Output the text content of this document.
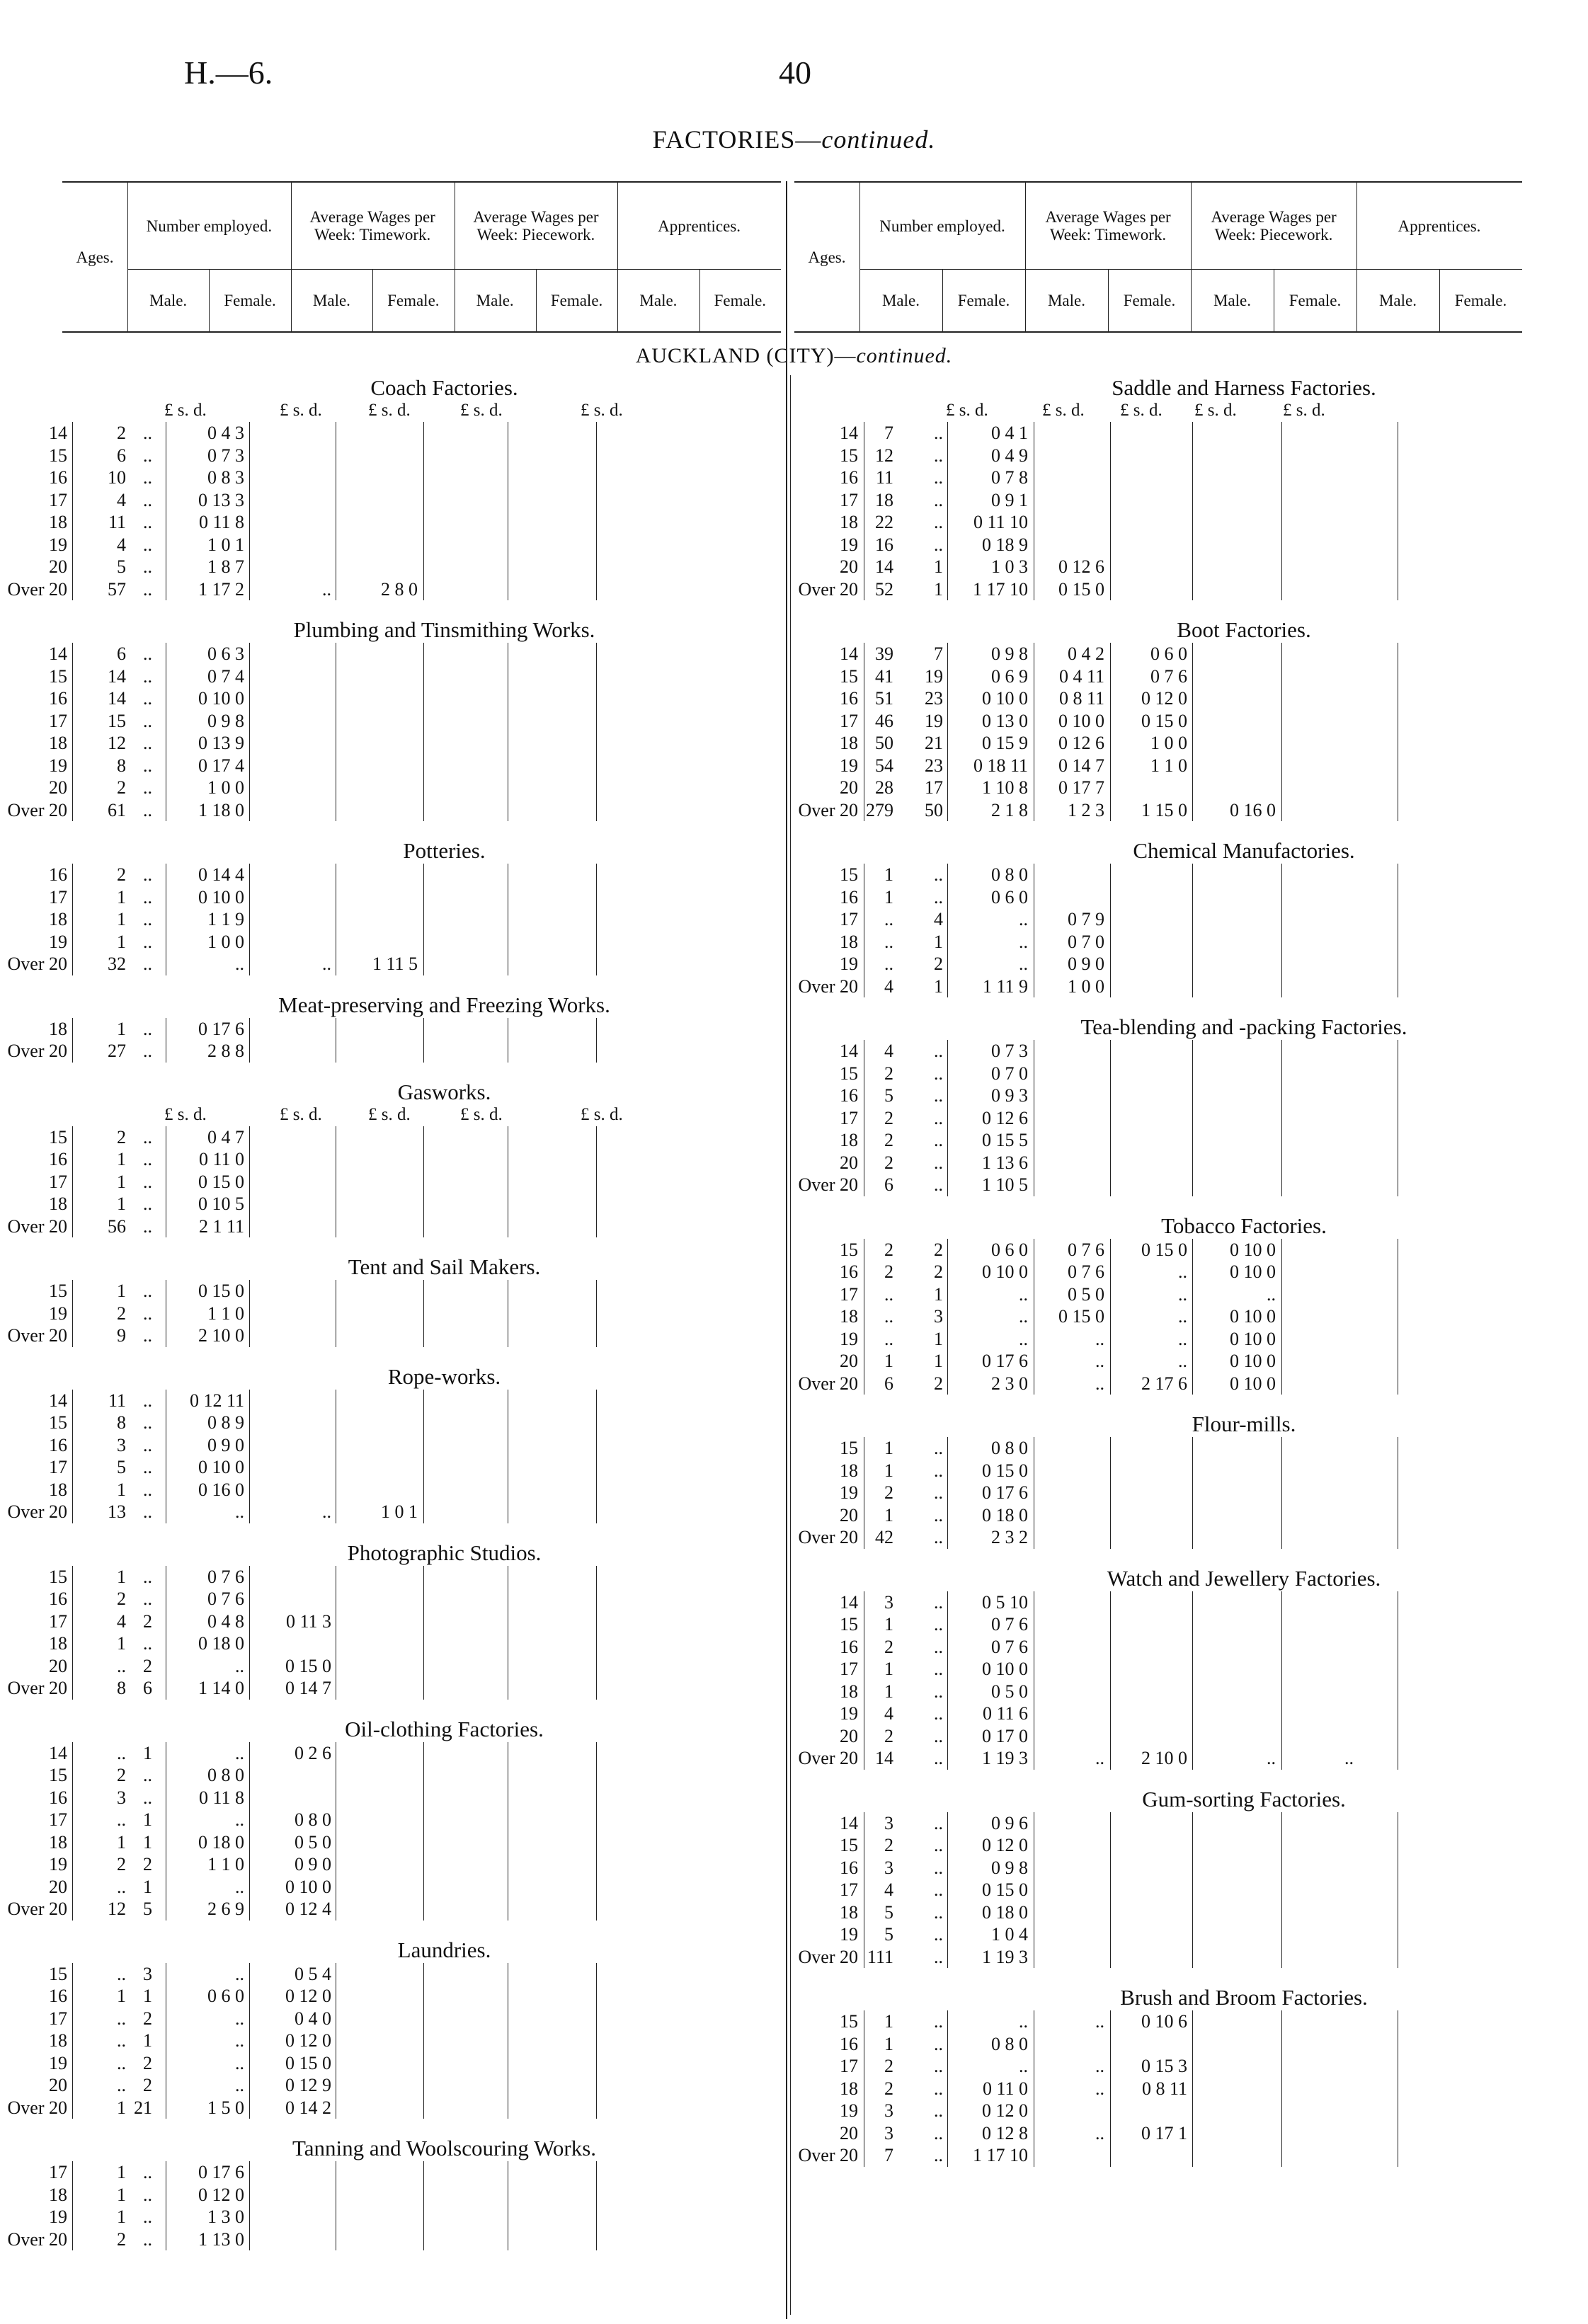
H.—6.	40
FACTORIES—continued.
Ages.
Number employed.
Male.	Female.
Average Wages per Week: Timework.
Male.	Female.
Average Wages per Week: Piecework.
Male.	Female.
Apprentices.
Male.	Female.
Ages.
Number employed.
Male.	Female.
Average Wages per Week: Timework.
Male.	Female.
Average Wages per Week: Piecework.
Male.	Female.
Apprentices.
Male.	Female.
AUCKLAND (CITY)—continued.
Coach Factories.
£ s. d.	£ s. d.	£ s. d.	£ s. d.	£ s. d.
14	2 ..	0 4 3
15	6 ..	0 7 3
16	10 ..	0 8 3
17	4 ..	0 13 3
18	11 ..	0 11 8
19	4 ..	1 0 1
20	5 ..	1 8 7
Over 20	57 ..	1 17 2	..	2 8 0
Plumbing and Tinsmithing Works.
14	6 ..	0 6 3
15	14 ..	0 7 4
16	14 ..	0 10 0
17	15 ..	0 9 8
18	12 ..	0 13 9
19	8 ..	0 17 4
20	2 ..	1 0 0
Over 20	61 ..	1 18 0
Potteries.
16	2 ..	0 14 4
17	1 ..	0 10 0
18	1 ..	1 1 9
19	1 ..	1 0 0
Over 20	32 ..	..	..	1 11 5
Meat-preserving and Freezing Works.
18	1 ..	0 17 6
Over 20	27 ..	2 8 8
Gasworks.
£ s. d.	£ s. d.	£ s. d.	£ s. d.	£ s. d.
15	2 ..	0 4 7
16	1 ..	0 11 0
17	1 ..	0 15 0
18	1 ..	0 10 5
Over 20	56 ..	2 1 11
Tent and Sail Makers.
15	1 ..	0 15 0
19	2 ..	1 1 0
Over 20	9 ..	2 10 0
Rope-works.
14	11 ..	0 12 11
15	8 ..	0 8 9
16	3 ..	0 9 0
17	5 ..	0 10 0
18	1 ..	0 16 0
Over 20	13 ..	..	..	1 0 1
Photographic Studios.
15	1 ..	0 7 6
16	2 ..	0 7 6
17	4 2	0 4 8	0 11 3
18	1 ..	0 18 0
20	.. 2	..	0 15 0
Over 20	8 6	1 14 0	0 14 7
Oil-clothing Factories.
14	.. 1	..	0 2 6
15	2 ..	0 8 0
16	3 ..	0 11 8
17	.. 1	..	0 8 0
18	1 1	0 18 0	0 5 0
19	2 2	1 1 0	0 9 0
20	.. 1	..	0 10 0
Over 20	12 5	2 6 9	0 12 4
Laundries.
15	.. 3	..	0 5 4
16	1 1	0 6 0	0 12 0
17	.. 2	..	0 4 0
18	.. 1	..	0 12 0
19	.. 2	..	0 15 0
20	.. 2	..	0 12 9
Over 20	1 21	1 5 0	0 14 2
Tanning and Woolscouring Works.
17	1 ..	0 17 6
18	1 ..	0 12 0
19	1 ..	1 3 0
Over 20	2 ..	1 13 0
Saddle and Harness Factories.
£ s. d.	£ s. d. £ s. d. £ s. d.	£ s. d.
14	7	..	0 4 1
15 12	..	0 4 9
16 11	..	0 7 8
17 18	..	0 9 1
18 22	..	0 11 10
19 16	..	0 18 9
20 14	1	1 0 3	0 12 6
Over 20 52	1	1 17 10	0 15 0
Boot Factories.
14 39	7	0 9 8	0 4 2	0 6 0
15 41	19	0 6 9	0 4 11	0 7 6
16 51	23	0 10 0	0 8 11	0 12 0
17 46	19	0 13 0	0 10 0	0 15 0
18 50	21	0 15 9	0 12 6	1 0 0
19 54	23	0 18 11	0 14 7	1 1 0
20 28	17	1 10 8	0 17 7
Over 20 279	50	2 1 8	1 2 3	1 15 0	0 16 0
Chemical Manufactories.
15	1	..	0 8 0
16	1	..	0 6 0
17	..	4	..	0 7 9
18	..	1	..	0 7 0
19	..	2	..	0 9 0
Over 20	4	1	1 11 9	1 0 0
Tea-blending and -packing Factories.
14	4	..	0 7 3
15	2	..	0 7 0
16	5	..	0 9 3
17	2	..	0 12 6
18	2	..	0 15 5
20	2	..	1 13 6
Over 20	6	..	1 10 5
Tobacco Factories.
15	2	2	0 6 0	0 7 6	0 15 0	0 10 0
16	2	2	0 10 0	0 7 6	..	0 10 0
17	..	1	..	0 5 0	..	..
18	..	3	..	0 15 0	..	0 10 0
19	..	1	..	..	..	0 10 0
20	1	1	0 17 6	..	..	0 10 0
Over 20	6	2	2 3 0	..	2 17 6	0 10 0
Flour-mills.
15	1	..	0 8 0
18	1	..	0 15 0
19	2	..	0 17 6
20	1	..	0 18 0
Over 20 42	..	2 3 2
Watch and Jewellery Factories.
14	3	..	0 5 10
15	1	..	0 7 6
16	2	..	0 7 6
17	1	..	0 10 0
18	1	..	0 5 0
19	4	..	0 11 6
20	2	..	0 17 0
Over 20 14	..	1 19 3	..	2 10 0	..	..
Gum-sorting Factories.
14	3	..	0 9 6
15	2	..	0 12 0
16	3	..	0 9 8
17	4	..	0 15 0
18	5	..	0 18 0
19	5	..	1 0 4
Over 20 111	..	1 19 3
Brush and Broom Factories.
15	1	..	..	..	0 10 6
16	1	..	0 8 0
17	2	..	..	..	0 15 3
18	2	..	0 11 0	..	0 8 11
19	3	..	0 12 0
20	3	..	0 12 8	..	0 17 1
Over 20	7	..	1 17 10
